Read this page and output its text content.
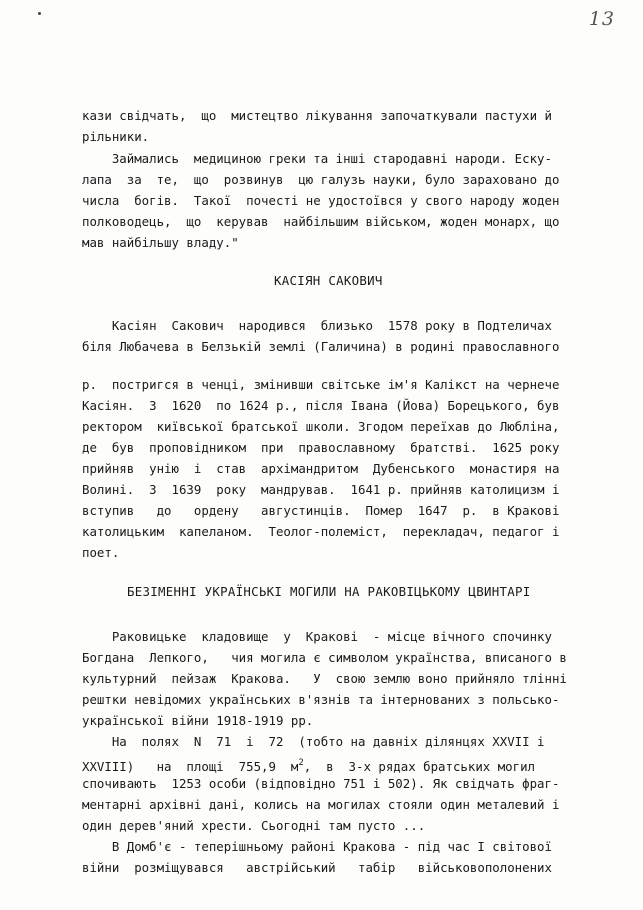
13
кази свідчать,  що  мистецтво лікування започаткували пастухи й
рільники.
Займались  медициною греки та інші стародавні народи. Еску-
лапа  за  те,  що  розвинув  цю галузь науки, було зараховано до
числа  богів.  Такої  почесті не удостоївся у свого народу жоден
полководець,  що  керував  найбільшим військом, жоден монарх, що
мав найбільшу владу."
КАСІЯН САКОВИЧ
Касіян  Сакович  народився  близько  1578 року в Подтеличах
біля Любачева в Белзькій землі (Галичина) в родині православного
р.  постригся в ченці, змінивши світське ім'я Калікст на чернече
Касіян.  З  1620  по 1624 р., після Івана (Йова) Борецького, був
ректором  київської братської школи. Згодом переїхав до Любліна,
де  був  проповідником  при  православному  братстві.  1625 року
прийняв  унію  і  став  архімандритом  Дубенського  монастиря на
Волині.  З  1639  року  мандрував.  1641 р. прийняв католицизм і
вступив   до   ордену   августинців.  Помер  1647  р.  в Кракові
католицьким  капеланом.  Теолог-полеміст,  перекладач, педагог і
поет.
БЕЗІМЕННІ УКРАЇНСЬКІ МОГИЛИ НА РАКОВІЦЬКОМУ ЦВИНТАРІ
Раковицьке  кладовище  у  Кракові  - місце вічного спочинку
Богдана  Лепкого,   чия могила є символом українства, вписаного в
культурний  пейзаж  Кракова.   У  свою землю воно прийняло тлінні
рештки невідомих українських в'язнів та інтернованих з польсько-
української війни 1918-1919 рр.
На  полях  N  71  і  72  (тобто на давніх ділянцях XXVII і
XXVIII)   на  площі  755,9  $м^2$,  в  3-х рядах братських могил
спочивають  1253 особи (відповідно 751 і 502). Як свідчать фраг-
ментарні архівні дані, колись на могилах стояли один металевий і
один дерев'яний хрести. Сьогодні там пусто ...
В Домб'є - теперішньому районі Кракова - під час І світової
війни  розміщувався   австрійський   табір   військовополонених
